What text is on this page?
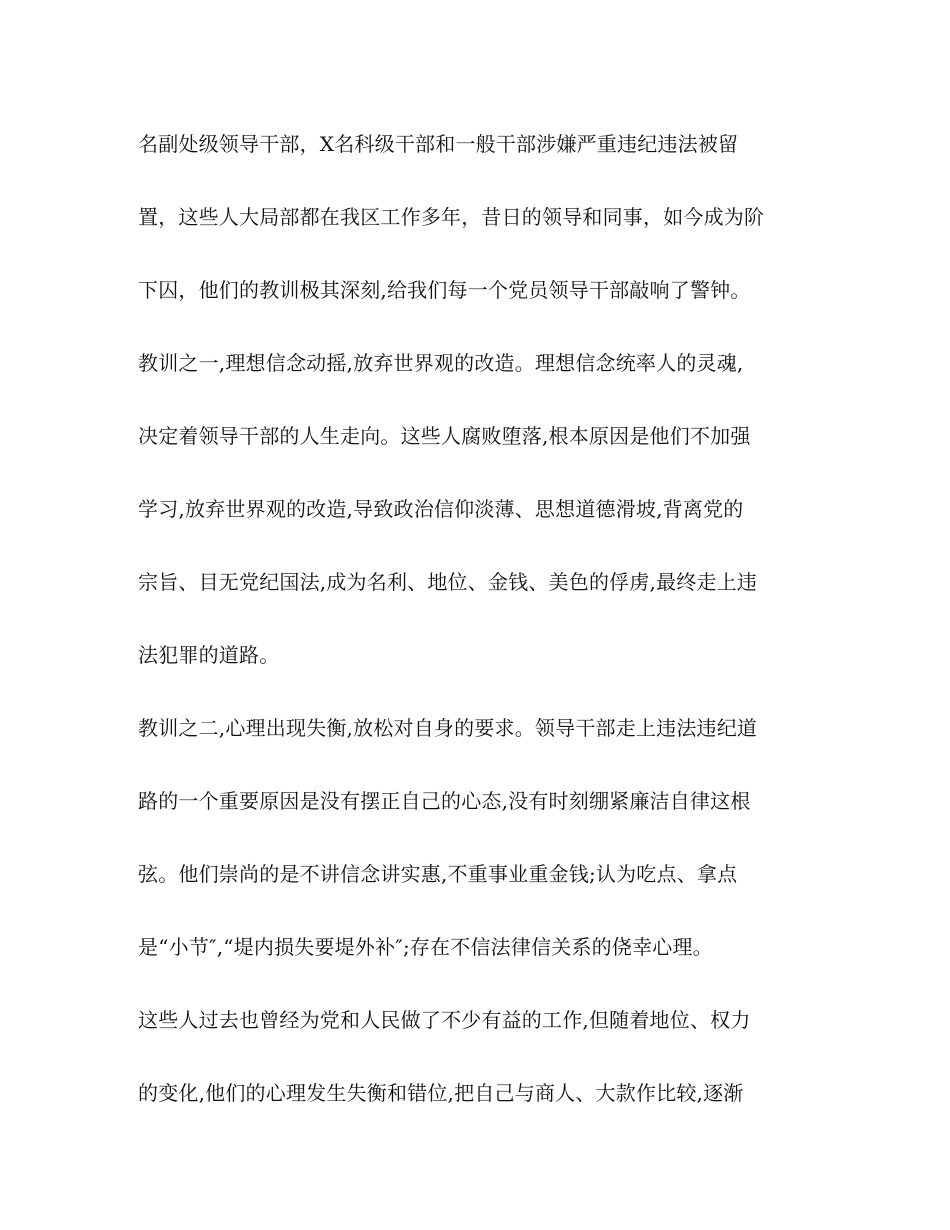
名副处级领导干部，X名科级干部和一般干部涉嫌严重违纪违法被留
置，这些人大局部都在我区工作多年，昔日的领导和同事，如今成为阶
下囚，他们的教训极其深刻,给我们每一个党员领导干部敲响了警钟。
教训之一,理想信念动摇,放弃世界观的改造。理想信念统率人的灵魂,
决定着领导干部的人生走向。这些人腐败堕落,根本原因是他们不加强
学习,放弃世界观的改造,导致政治信仰淡薄、思想道德滑坡,背离党的
宗旨、目无党纪国法,成为名利、地位、金钱、美色的俘虏,最终走上违
法犯罪的道路。
教训之二,心理出现失衡,放松对自身的要求。领导干部走上违法违纪道
路的一个重要原因是没有摆正自己的心态,没有时刻绷紧廉洁自律这根
弦。他们崇尚的是不讲信念讲实惠,不重事业重金钱;认为吃点、拿点
是“小节″,“堤内损失要堤外补″;存在不信法律信关系的侥幸心理。
这些人过去也曾经为党和人民做了不少有益的工作,但随着地位、权力
的变化,他们的心理发生失衡和错位,把自己与商人、大款作比较,逐渐
